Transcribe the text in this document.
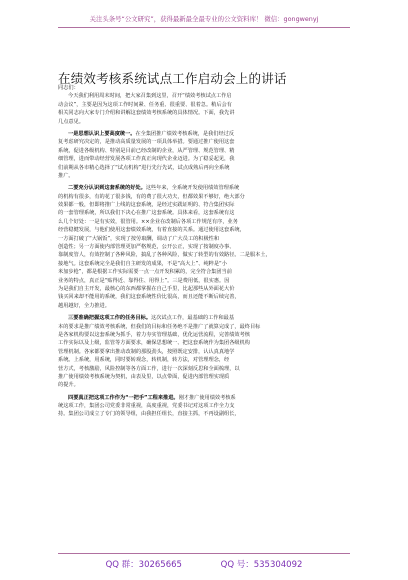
关注头条号“公文研究”，获得最新最全最专业的公文资料库！ 微信：gongwenyj
在绩效考核系统试点工作启动会上的讲话
同志们：
今天我们利用周末时间，把大家召集到这里，召开“绩效考核试点工作启
动会议”，主要是因为这项工作时间紧、任务重、很重要、很着急。稍后会有
相关同志向大家专门介绍和讲解这套绩效考核系统的具体情况。下面，我先讲
几点意见。
一是思想认识上要高度统一。在全集团推广绩效考核系统，是我们经过反
复考虑研究决定的，是推动高质量发展的一项具体举措。要通过推广使用这套
系统，促进各级机构、特别是目前已经改制的企业，从严管理、规范管理、精
细管理，进而带动经营发展各项工作真正向现代企业迈进。为了稳妥起见，我
们前期从各市精心选择了“试点机构”进行先行先试，试点成熟后再向全系统
推广。
二要充分认识到这套系统的好处。这些年来，全系统开发使用绩效管理系统
的机构有很多，有的花了很多钱，有的费了很大功夫，但都效果不够好，绝大部分
效果都一般，但即将推广上线的这套系统，是经过实践证明的、符合集团实际
的一套管理系统，所以我们下决心在推广这套系统。具体来看，这套系统有这
么几个好处：一是有实效，很管用。××企业在改制后各项工作规范有序，业务
经营稳健发展，与他们使用这套绩效系统，有着直接的关系。通过使用这套系统，
一方面打破了“大锅饭”，实现了按劳取酬，调动了广大员工的积极性和
创造性；另一方面使内部管理更加严格规范，公开公正，实现了按制度办事、
靠制度管人，有效控制了各种风险，搞乱了各种风险，做实了转型的有效路径。二是服本土，
接地气。这套系统完全是我们自主研发的成果，不是“高大上”、纯粹是“小
米加步枪”，都是根据工作实际需要一点一点开发积累的，完全符合集团当前
业务的特点，真正是“贴得近、靠得住、用得上”。三是费用低，很实惠。因
为是我们自主开发，最核心的东西都掌握在自己手里，比起那些从外面花大价
钱买回来却不能用的系统，我们这套系统性价比很高，而且还能不断后续完善，
越用越好，全力推进。
三要准确把握这项工作的任务目标。这次试点工作，最基础的工作和最基
本的要求是推广绩效考核系统，但我们的目标和任务绝不是推广了就算完成了，最终目标
是各家机构要以这套系统为抓手，着力夯实管理基础，优化运营流程，完善绩效考核
工作实际以及上级，监管等方面要求，确保思想统一、把这套系统作为集团各级机构
管理机制。各家都要拿出推动改制的那股劲头，按照既定安排，认认真真地学
系统。上系统，用系统，同时要转观念，转机制，转方法，对管理理念，经
营方式，考核激励，风险控制等各方面工作，进行一次深刻反思和全面梳理，以
推广使用绩效考核系统为契机，由表及里，以点带面，促进内部管理实现质
的提升。
四要真正把这项工作作为“一把手”工程来推进。刚才推广使用绩效考核系
统这项工作，集团公司党委非常重视，高度重视，党委书记对这项工作全力支
持。集团公司成立了专门的领导组，由我担任组长，直接主抓，不再设副组长，
QQ 群：30265665	QQ 号：535304092
